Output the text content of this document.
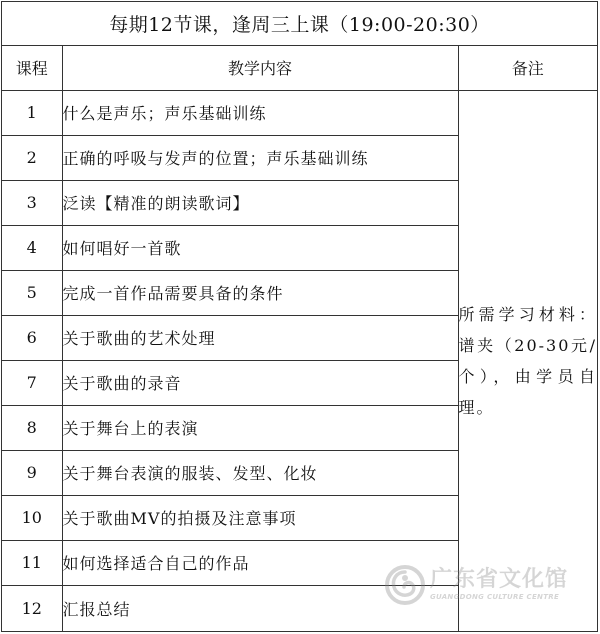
每期12节课，逢周三上课（19:00-20:30）
课程	教学内容	备注
1	什么是声乐；声乐基础训练	所需学习材料：谱夹（20-30元/个），由学员自理。
2	正确的呼吸与发声的位置；声乐基础训练	
3	泛读【精准的朗读歌词】	
4	如何唱好一首歌	
5	完成一首作品需要具备的条件	
6	关于歌曲的艺术处理	
7	关于歌曲的录音	
8	关于舞台上的表演	
9	关于舞台表演的服装、发型、化妆	
10	关于歌曲MV的拍摄及注意事项	
11	如何选择适合自己的作品	
12	汇报总结	
广东省文化馆
GUANGDONG CULTURE CENTRE
